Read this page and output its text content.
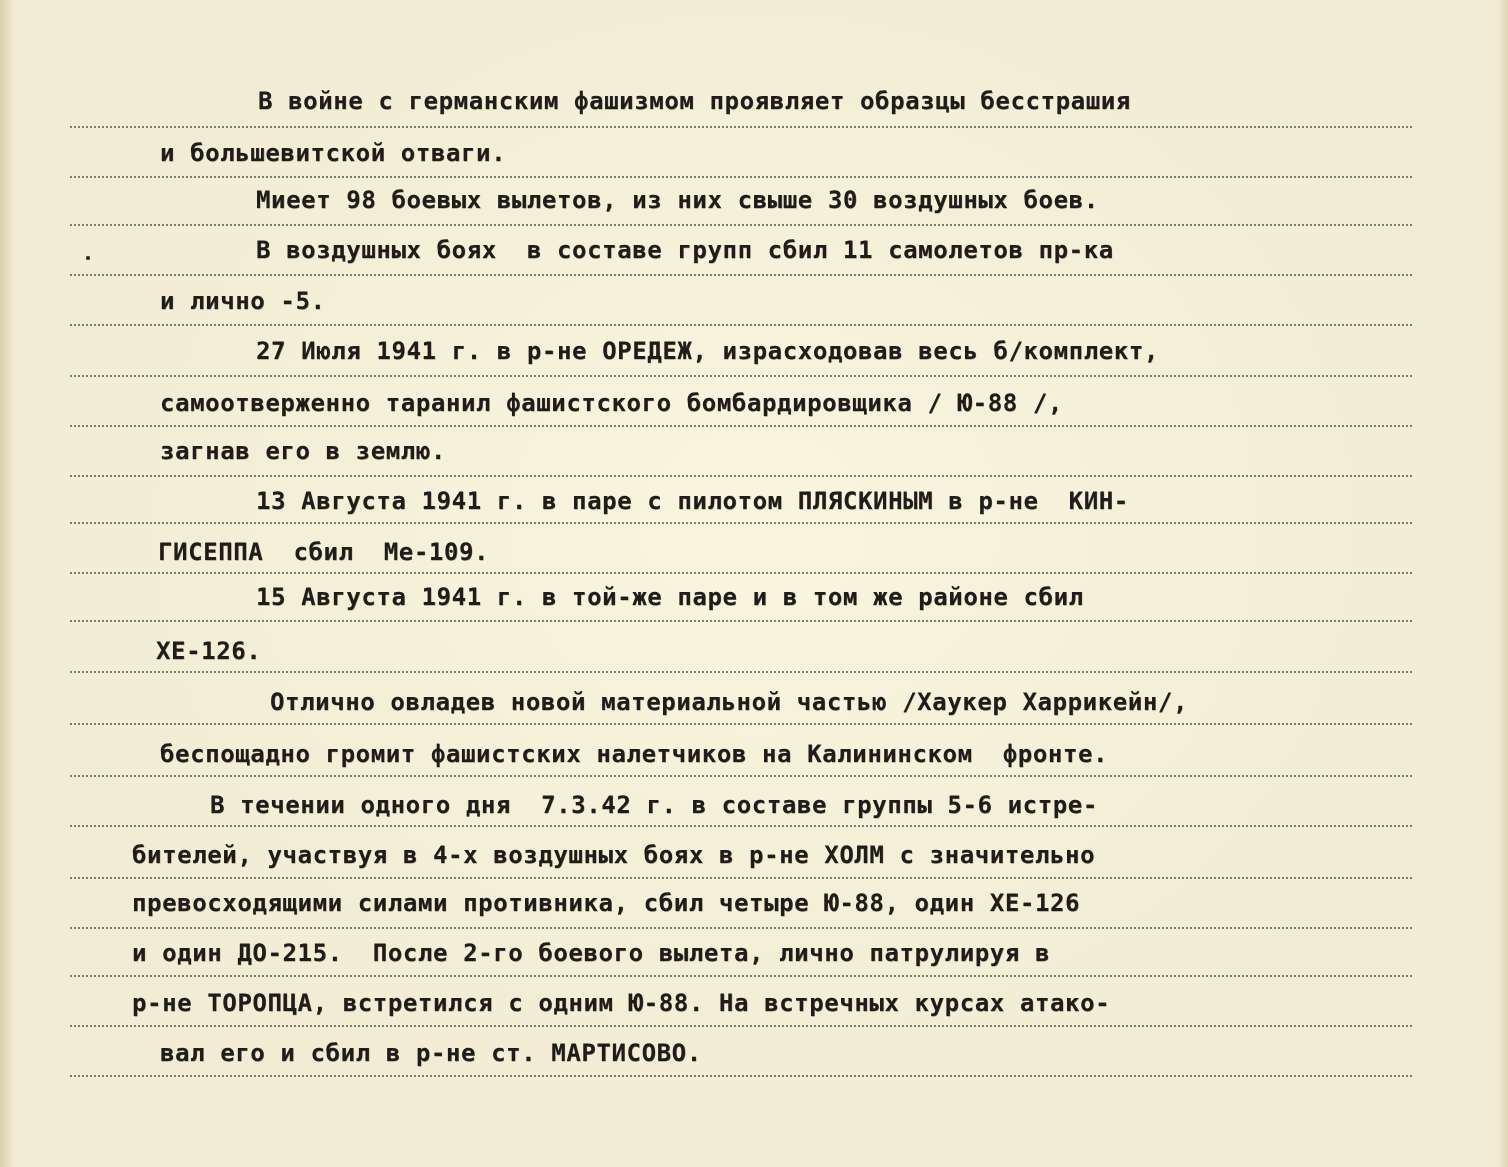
В войне с германским фашизмом проявляет образцы бесстрашия
и большевитской отваги.
Миеет 98 боевых вылетов, из них свыше 30 воздушных боев.
В воздушных боях  в составе групп сбил 11 самолетов пр-ка
и лично -5.
27 Июля 1941 г. в р-не ОРЕДЕЖ, израсходовав весь б/комплект,
самоотверженно таранил фашистского бомбардировщика / Ю-88 /,
загнав его в землю.
13 Августа 1941 г. в паре с пилотом ПЛЯСКИНЫМ в р-не  КИН-
ГИСЕППА  сбил  Ме-109.
15 Августа 1941 г. в той-же паре и в том же районе сбил
ХЕ-126.
Отлично овладев новой материальной частью /Хаукер Харрикейн/,
беспощадно громит фашистских налетчиков на Калининском  фронте.
В течении одного дня  7.3.42 г. в составе группы 5-6 истре-
бителей, участвуя в 4-х воздушных боях в р-не ХОЛМ с значительно
превосходящими силами противника, сбил четыре Ю-88, один ХЕ-126
и один ДО-215.  После 2-го боевого вылета, лично патрулируя в
р-не ТОРОПЦА, встретился с одним Ю-88. На встречных курсах атако-
вал его и сбил в р-не ст. МАРТИСОВО.
